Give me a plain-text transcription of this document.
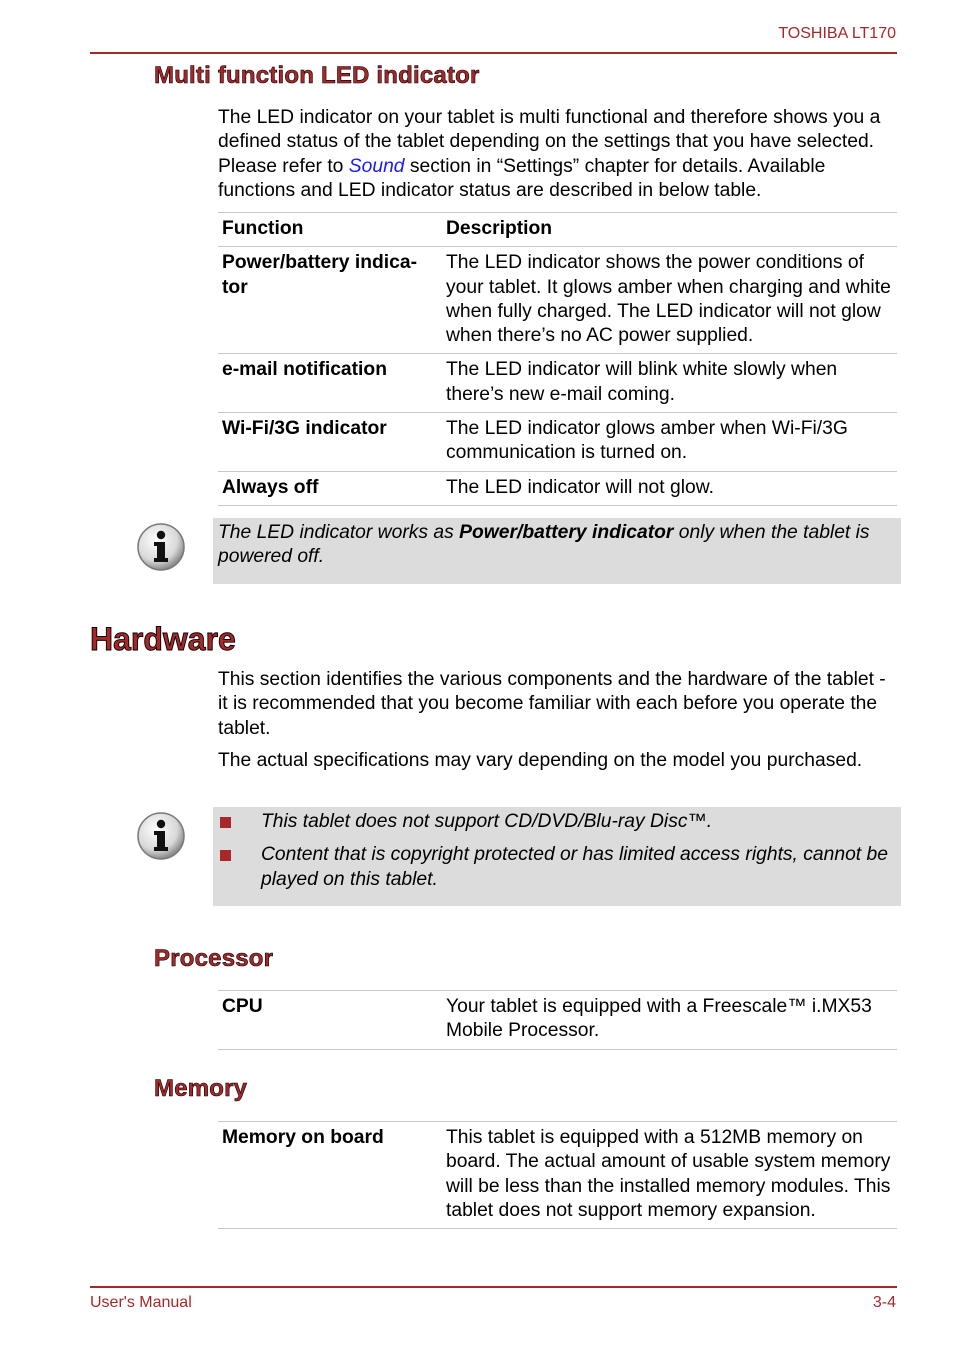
TOSHIBA LT170
Multi function LED indicator
The LED indicator on your tablet is multi functional and therefore shows you a defined status of the tablet depending on the settings that you have selected. Please refer to Sound section in “Settings” chapter for details. Available functions and LED indicator status are described in below table.
Function	Description
Power/battery indica-tor	The LED indicator shows the power conditions of your tablet. It glows amber when charging and white when fully charged. The LED indicator will not glow when there’s no AC power supplied.
e-mail notification	The LED indicator will blink white slowly when there’s new e-mail coming.
Wi-Fi/3G indicator	The LED indicator glows amber when Wi-Fi/3G communication is turned on.
Always off	The LED indicator will not glow.
The LED indicator works as Power/battery indicator only when the tablet is powered off.
Hardware
This section identifies the various components and the hardware of the tablet - it is recommended that you become familiar with each before you operate the tablet.
The actual specifications may vary depending on the model you purchased.
This tablet does not support CD/DVD/Blu-ray Disc™.
Content that is copyright protected or has limited access rights, cannot be played on this tablet.
Processor
CPU	Your tablet is equipped with a Freescale™ i.MX53 Mobile Processor.
Memory
Memory on board	This tablet is equipped with a 512MB memory on board. The actual amount of usable system memory will be less than the installed memory modules. This tablet does not support memory expansion.
User's Manual	3-4
